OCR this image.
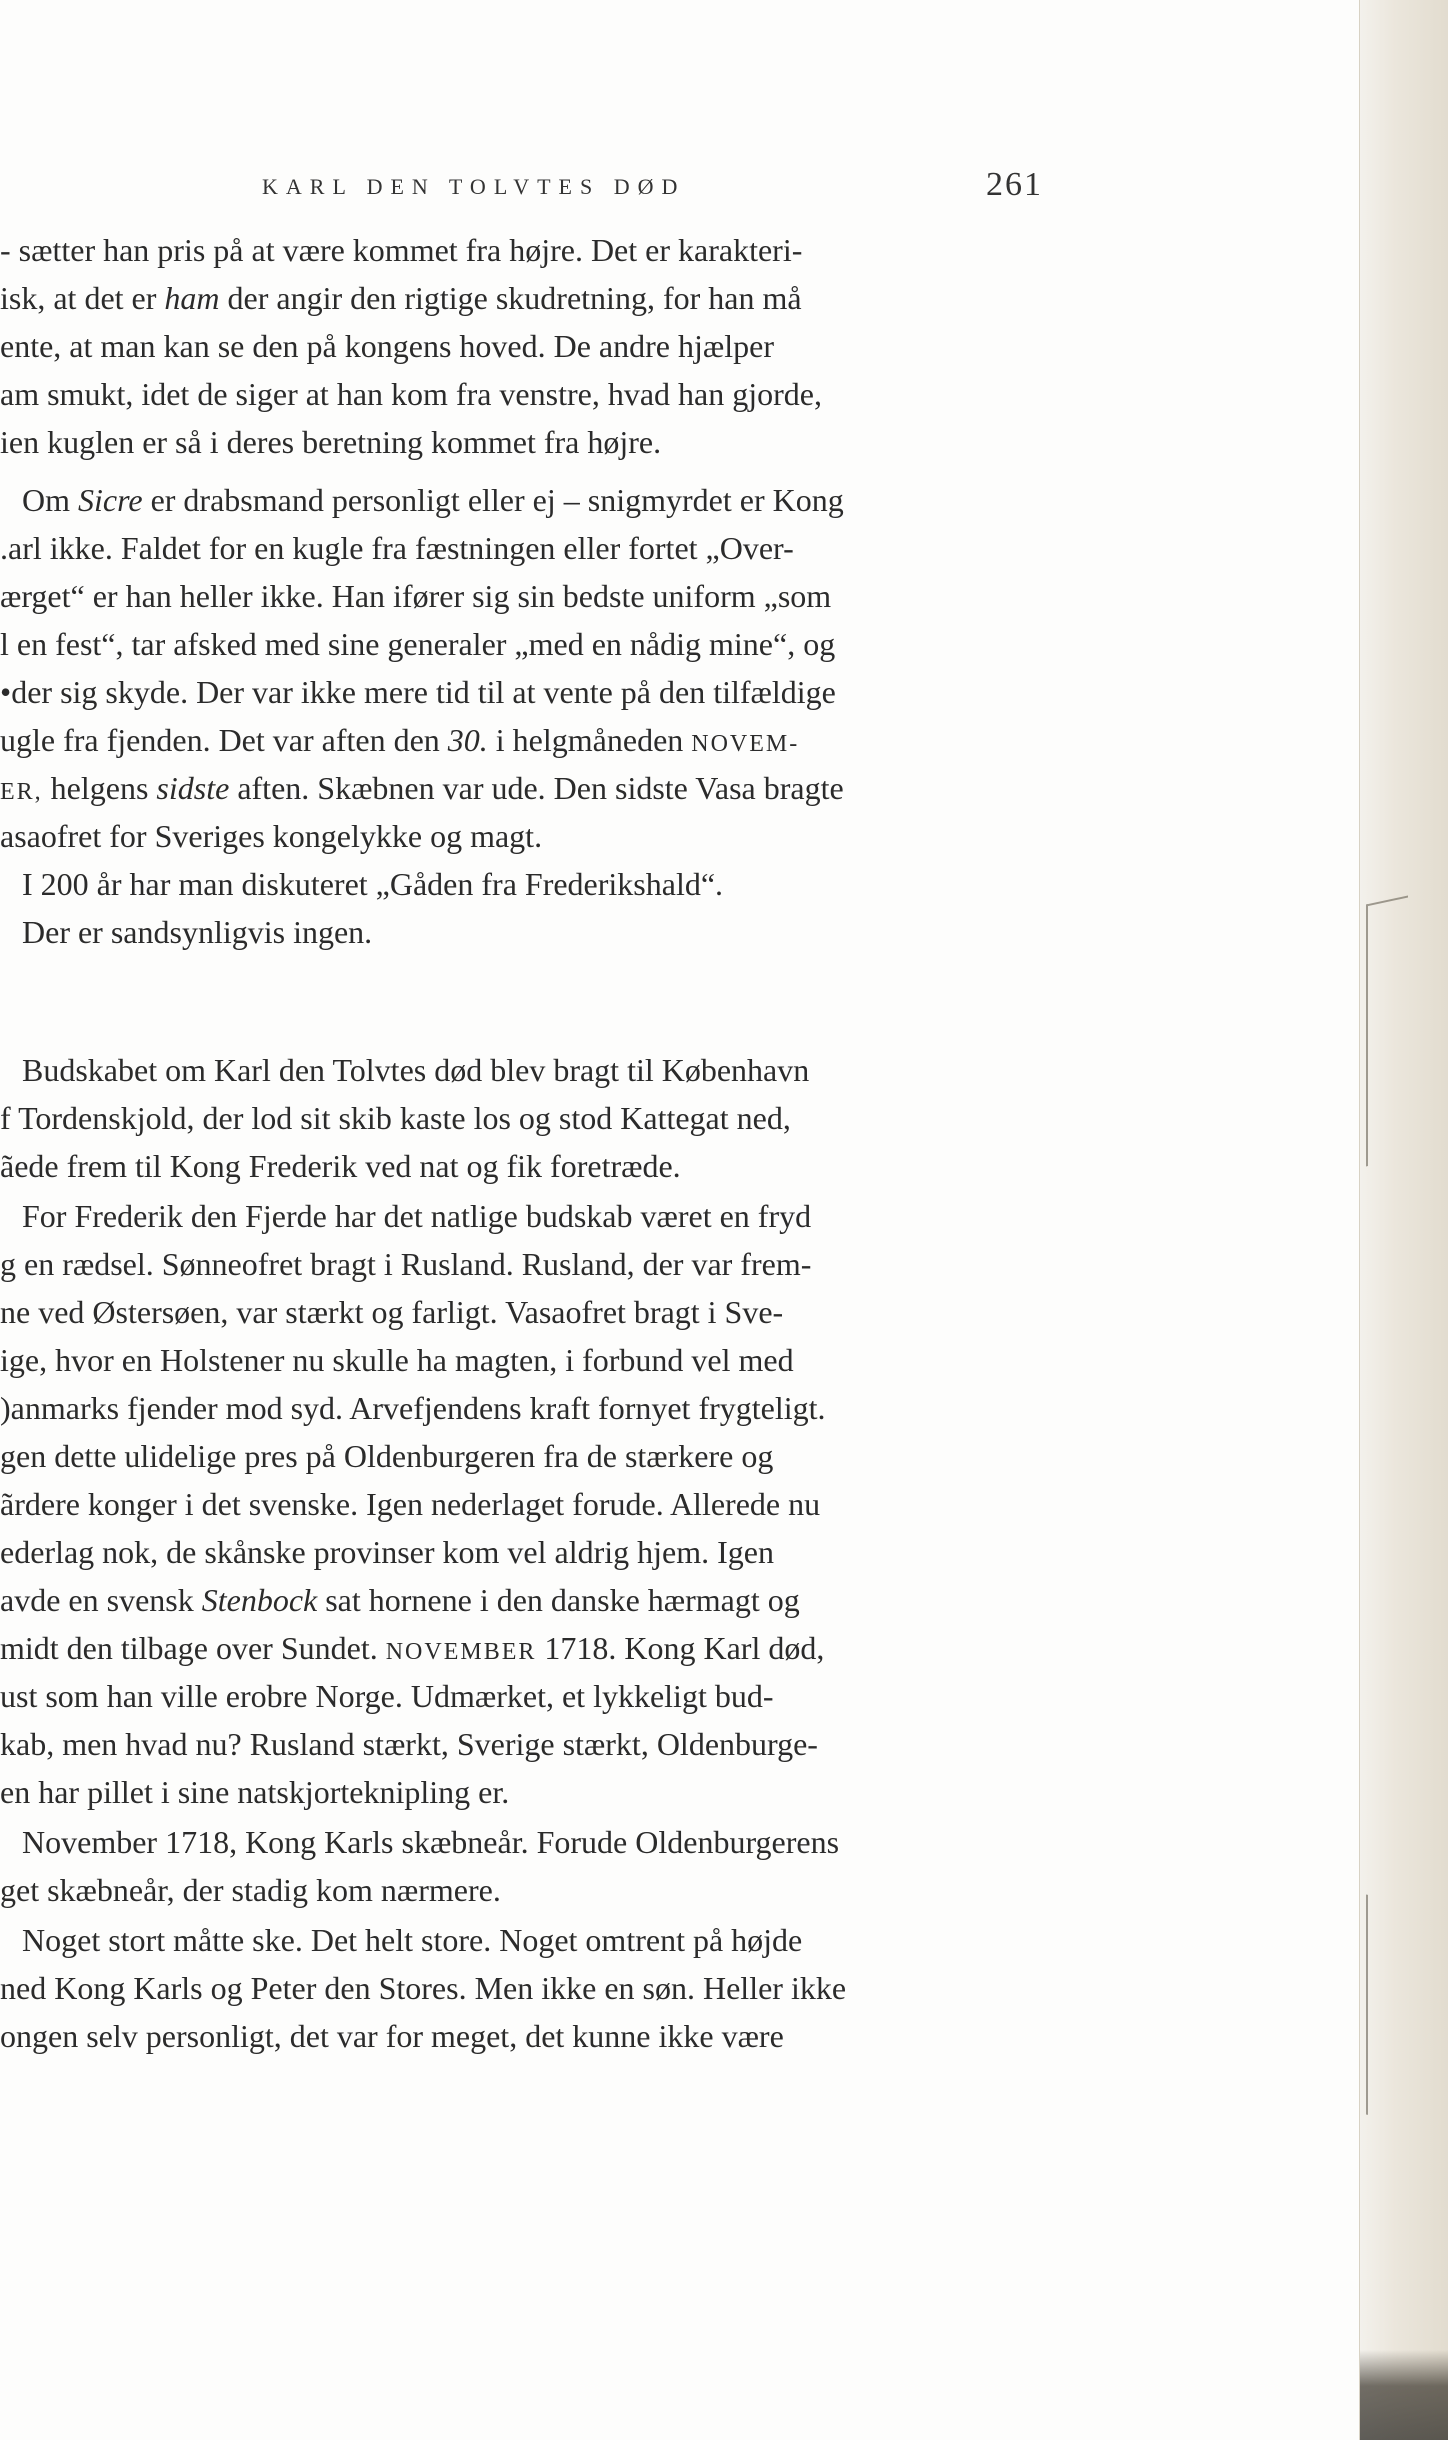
KARL DEN TOLVTES DØD	261
- sætter han pris på at være kommet fra højre. Det er karakteri-
isk, at det er ham der angir den rigtige skudretning, for han må
ente, at man kan se den på kongens hoved. De andre hjælper
am smukt, idet de siger at han kom fra venstre, hvad han gjorde,
ien kuglen er så i deres beretning kommet fra højre.
Om Sicre er drabsmand personligt eller ej – snigmyrdet er Kong
.arl ikke. Faldet for en kugle fra fæstningen eller fortet „Over-
ærget“ er han heller ikke. Han ifører sig sin bedste uniform „som
l en fest“, tar afsked med sine generaler „med en nådig mine“, og
•der sig skyde. Der var ikke mere tid til at vente på den tilfældige
ugle fra fjenden. Det var aften den 30. i helgmåneden NOVEM-
ER, helgens sidste aften. Skæbnen var ude. Den sidste Vasa bragte
asaofret for Sveriges kongelykke og magt.
I 200 år har man diskuteret „Gåden fra Frederikshald“.
Der er sandsynligvis ingen.
Budskabet om Karl den Tolvtes død blev bragt til København
f Tordenskjold, der lod sit skib kaste los og stod Kattegat ned,
ãede frem til Kong Frederik ved nat og fik foretræde.
For Frederik den Fjerde har det natlige budskab været en fryd
g en rædsel. Sønneofret bragt i Rusland. Rusland, der var frem-
ne ved Østersøen, var stærkt og farligt. Vasaofret bragt i Sve-
ige, hvor en Holstener nu skulle ha magten, i forbund vel med
)anmarks fjender mod syd. Arvefjendens kraft fornyet frygteligt.
gen dette ulidelige pres på Oldenburgeren fra de stærkere og
ãrdere konger i det svenske. Igen nederlaget forude. Allerede nu
ederlag nok, de skånske provinser kom vel aldrig hjem. Igen
avde en svensk Stenbock sat hornene i den danske hærmagt og
midt den tilbage over Sundet. NOVEMBER 1718. Kong Karl død,
ust som han ville erobre Norge. Udmærket, et lykkeligt bud-
kab, men hvad nu? Rusland stærkt, Sverige stærkt, Oldenburge-
en har pillet i sine natskjorteknipling er.
November 1718, Kong Karls skæbneår. Forude Oldenburgerens
get skæbneår, der stadig kom nærmere.
Noget stort måtte ske. Det helt store. Noget omtrent på højde
ned Kong Karls og Peter den Stores. Men ikke en søn. Heller ikke
ongen selv personligt, det var for meget, det kunne ikke være
